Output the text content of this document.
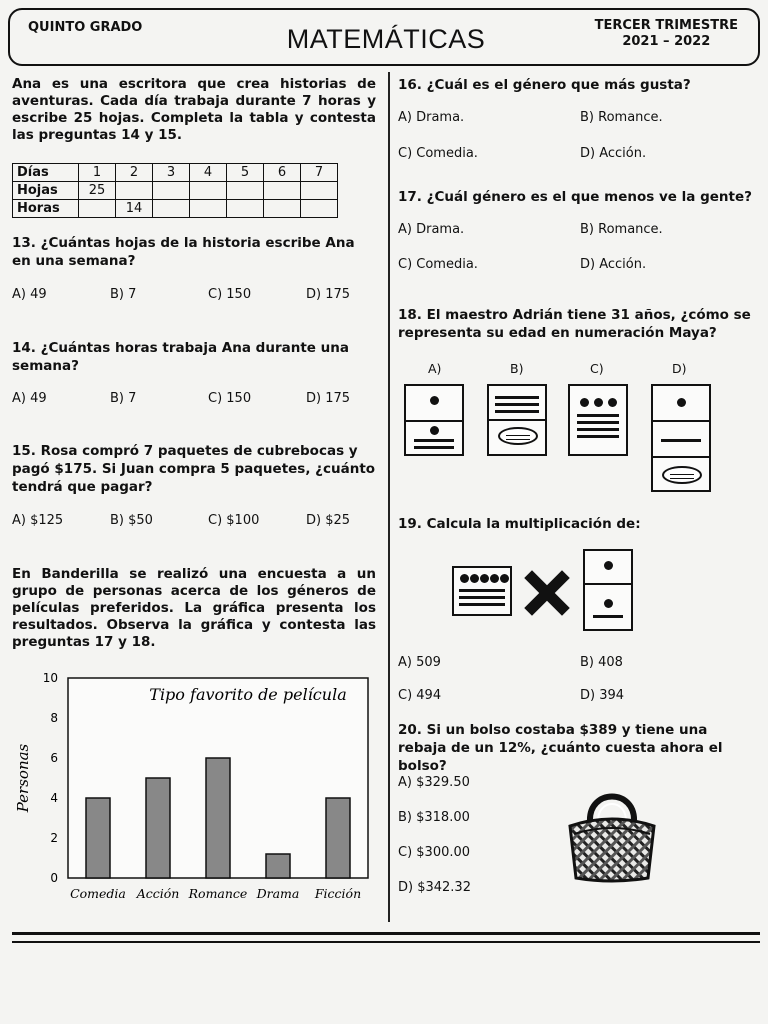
QUINTO GRADO	MATEMÁTICAS	TERCER TRIMESTRE
2021 – 2022
Ana es una escritora que crea historias de aventuras. Cada día trabaja durante 7 horas y escribe 25 hojas. Completa la tabla y contesta las preguntas 14 y 15.
Días	1	2	3	4	5	6	7
Hojas	25						
Horas		14					
13. ¿Cuántas hojas de la historia escribe Ana en una semana?
A) 49	B) 7	C) 150	D) 175
14. ¿Cuántas horas trabaja Ana durante una semana?
A) 49	B) 7	C) 150	D) 175
15. Rosa compró 7 paquetes de cubrebocas y pagó $175. Si Juan compra 5 paquetes, ¿cuánto tendrá que pagar?
A) $125	B) $50	C) $100	D) $25
En Banderilla se realizó una encuesta a un grupo de personas acerca de los géneros de películas preferidos. La gráfica presenta los resultados. Observa la gráfica y contesta las preguntas 17 y 18.
Tipo favorito de película
Personas
0
2
4
6
8
10
Comedia Acción Romance Drama Ficción
16. ¿Cuál es el género que más gusta?
A) Drama.	B) Romance.
C) Comedia.	D) Acción.
17. ¿Cuál género es el que menos ve la gente?
A) Drama.	B) Romance.
C) Comedia.	D) Acción.
18. El maestro Adrián tiene 31 años, ¿cómo se representa su edad en numeración Maya?
A)	B)	C)	D)
19. Calcula la multiplicación de:
A) 509	B) 408
C) 494	D) 394
20. Si un bolso costaba $389 y tiene una rebaja de un 12%, ¿cuánto cuesta ahora el bolso?
A) $329.50
B) $318.00
C) $300.00
D) $342.32
